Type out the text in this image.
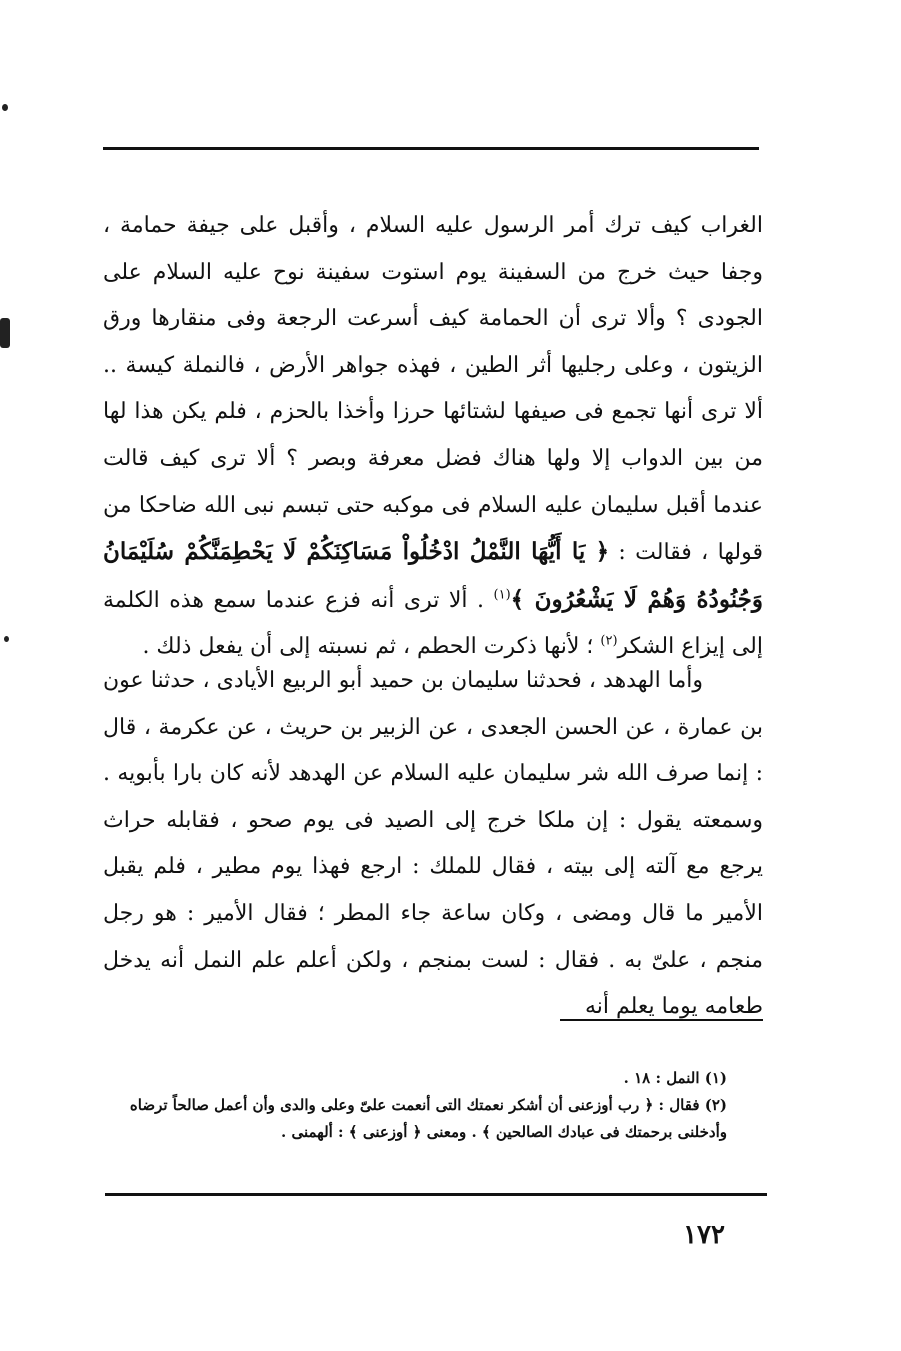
الغراب كيف ترك أمر الرسول عليه السلام ، وأقبل على جيفة حمامة ، وجفا حيث خرج من السفينة يوم استوت سفينة نوح عليه السلام على الجودى ؟ وألا ترى أن الحمامة كيف أسرعت الرجعة وفى منقارها ورق الزيتون ، وعلى رجليها أثر الطين ، فهذه جواهر الأرض ، فالنملة كيسة .. ألا ترى أنها تجمع فى صيفها لشتائها حرزا وأخذا بالحزم ، فلم يكن هذا لها من بين الدواب إلا ولها هناك فضل معرفة وبصر ؟ ألا ترى كيف قالت عندما أقبل سليمان عليه السلام فى موكبه حتى تبسم نبى الله ضاحكا من قولها ، فقالت : ﴿ يَا أَيُّهَا النَّمْلُ ادْخُلُواْ مَسَاكِنَكُمْ لَا يَحْطِمَنَّكُمْ سُلَيْمَانُ وَجُنُودُهُ وَهُمْ لَا يَشْعُرُونَ ﴾$^{(١)}$ . ألا ترى أنه فزع عندما سمع هذه الكلمة إلى إيزاع الشكر$^{(٢)}$ ؛ لأنها ذكرت الحطم ، ثم نسبته إلى أن يفعل ذلك .

وأما الهدهد ، فحدثنا سليمان بن حميد أبو الربيع الأيادى ، حدثنا عون بن عمارة ، عن الحسن الجعدى ، عن الزبير بن حريث ، عن عكرمة ، قال : إنما صرف الله شر سليمان عليه السلام عن الهدهد لأنه كان بارا بأبويه . وسمعته يقول : إن ملكا خرج إلى الصيد فى يوم صحو ، فقابله حراث يرجع مع آلته إلى بيته ، فقال للملك : ارجع فهذا يوم مطير ، فلم يقبل الأمير ما قال ومضى ، وكان ساعة جاء المطر ؛ فقال الأمير : هو رجل منجم ، علىّ به . فقال : لست بمنجم ، ولكن أعلم علم النمل أنه يدخل طعامه يوما يعلم أنه

(١) النمل : ١٨ .

(٢) فقال : ﴿ رب أوزعنى أن أشكر نعمتك التى أنعمت علىّ وعلى والدى وأن أعمل صالحاً ترضاه وأدخلنى برحمتك فى عبادك الصالحين ﴾ . ومعنى ﴿ أوزعنى ﴾ : ألهمنى .

١٧٢
